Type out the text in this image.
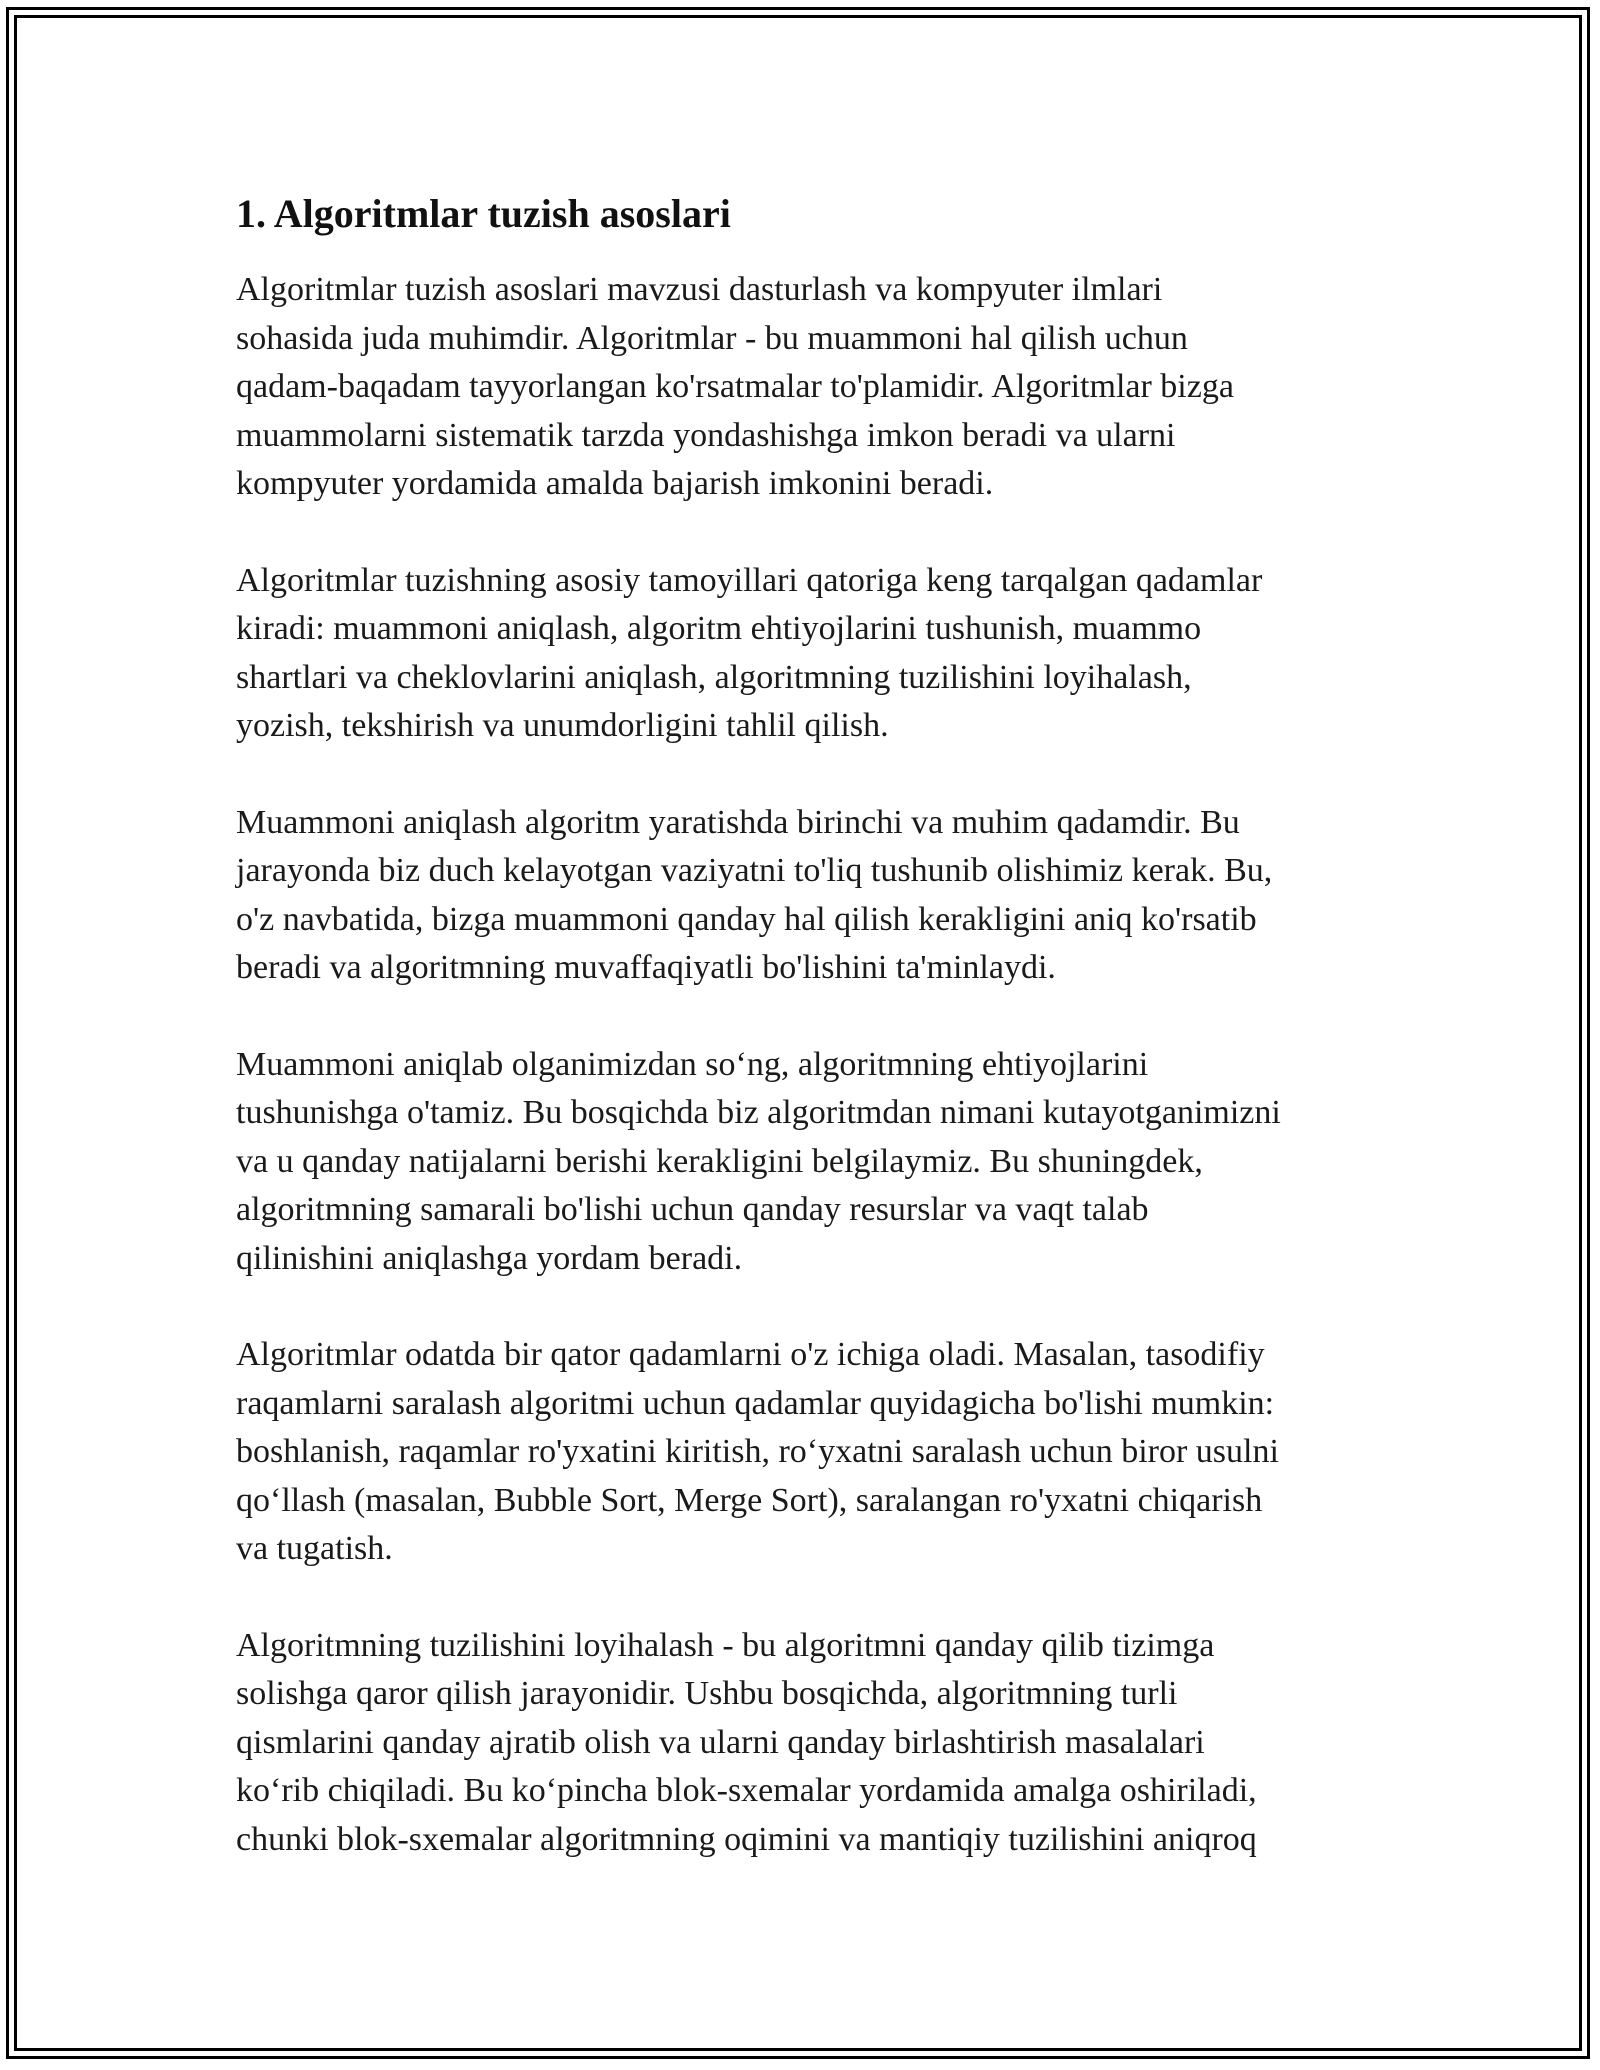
1. Algoritmlar tuzish asoslari

Algoritmlar tuzish asoslari mavzusi dasturlash va kompyuter ilmlari
sohasida juda muhimdir. Algoritmlar - bu muammoni hal qilish uchun
qadam-baqadam tayyorlangan ko'rsatmalar to'plamidir. Algoritmlar bizga
muammolarni sistematik tarzda yondashishga imkon beradi va ularni
kompyuter yordamida amalda bajarish imkonini beradi.

Algoritmlar tuzishning asosiy tamoyillari qatoriga keng tarqalgan qadamlar
kiradi: muammoni aniqlash, algoritm ehtiyojlarini tushunish, muammo
shartlari va cheklovlarini aniqlash, algoritmning tuzilishini loyihalash,
yozish, tekshirish va unumdorligini tahlil qilish.

Muammoni aniqlash algoritm yaratishda birinchi va muhim qadamdir. Bu
jarayonda biz duch kelayotgan vaziyatni to'liq tushunib olishimiz kerak. Bu,
o'z navbatida, bizga muammoni qanday hal qilish kerakligini aniq ko'rsatib
beradi va algoritmning muvaffaqiyatli bo'lishini ta'minlaydi.

Muammoni aniqlab olganimizdan so‘ng, algoritmning ehtiyojlarini
tushunishga o'tamiz. Bu bosqichda biz algoritmdan nimani kutayotganimizni
va u qanday natijalarni berishi kerakligini belgilaymiz. Bu shuningdek,
algoritmning samarali bo'lishi uchun qanday resurslar va vaqt talab
qilinishini aniqlashga yordam beradi.

Algoritmlar odatda bir qator qadamlarni o'z ichiga oladi. Masalan, tasodifiy
raqamlarni saralash algoritmi uchun qadamlar quyidagicha bo'lishi mumkin:
boshlanish, raqamlar ro'yxatini kiritish, ro‘yxatni saralash uchun biror usulni
qo‘llash (masalan, Bubble Sort, Merge Sort), saralangan ro'yxatni chiqarish
va tugatish.

Algoritmning tuzilishini loyihalash - bu algoritmni qanday qilib tizimga
solishga qaror qilish jarayonidir. Ushbu bosqichda, algoritmning turli
qismlarini qanday ajratib olish va ularni qanday birlashtirish masalalari
ko‘rib chiqiladi. Bu ko‘pincha blok-sxemalar yordamida amalga oshiriladi,
chunki blok-sxemalar algoritmning oqimini va mantiqiy tuzilishini aniqroq
